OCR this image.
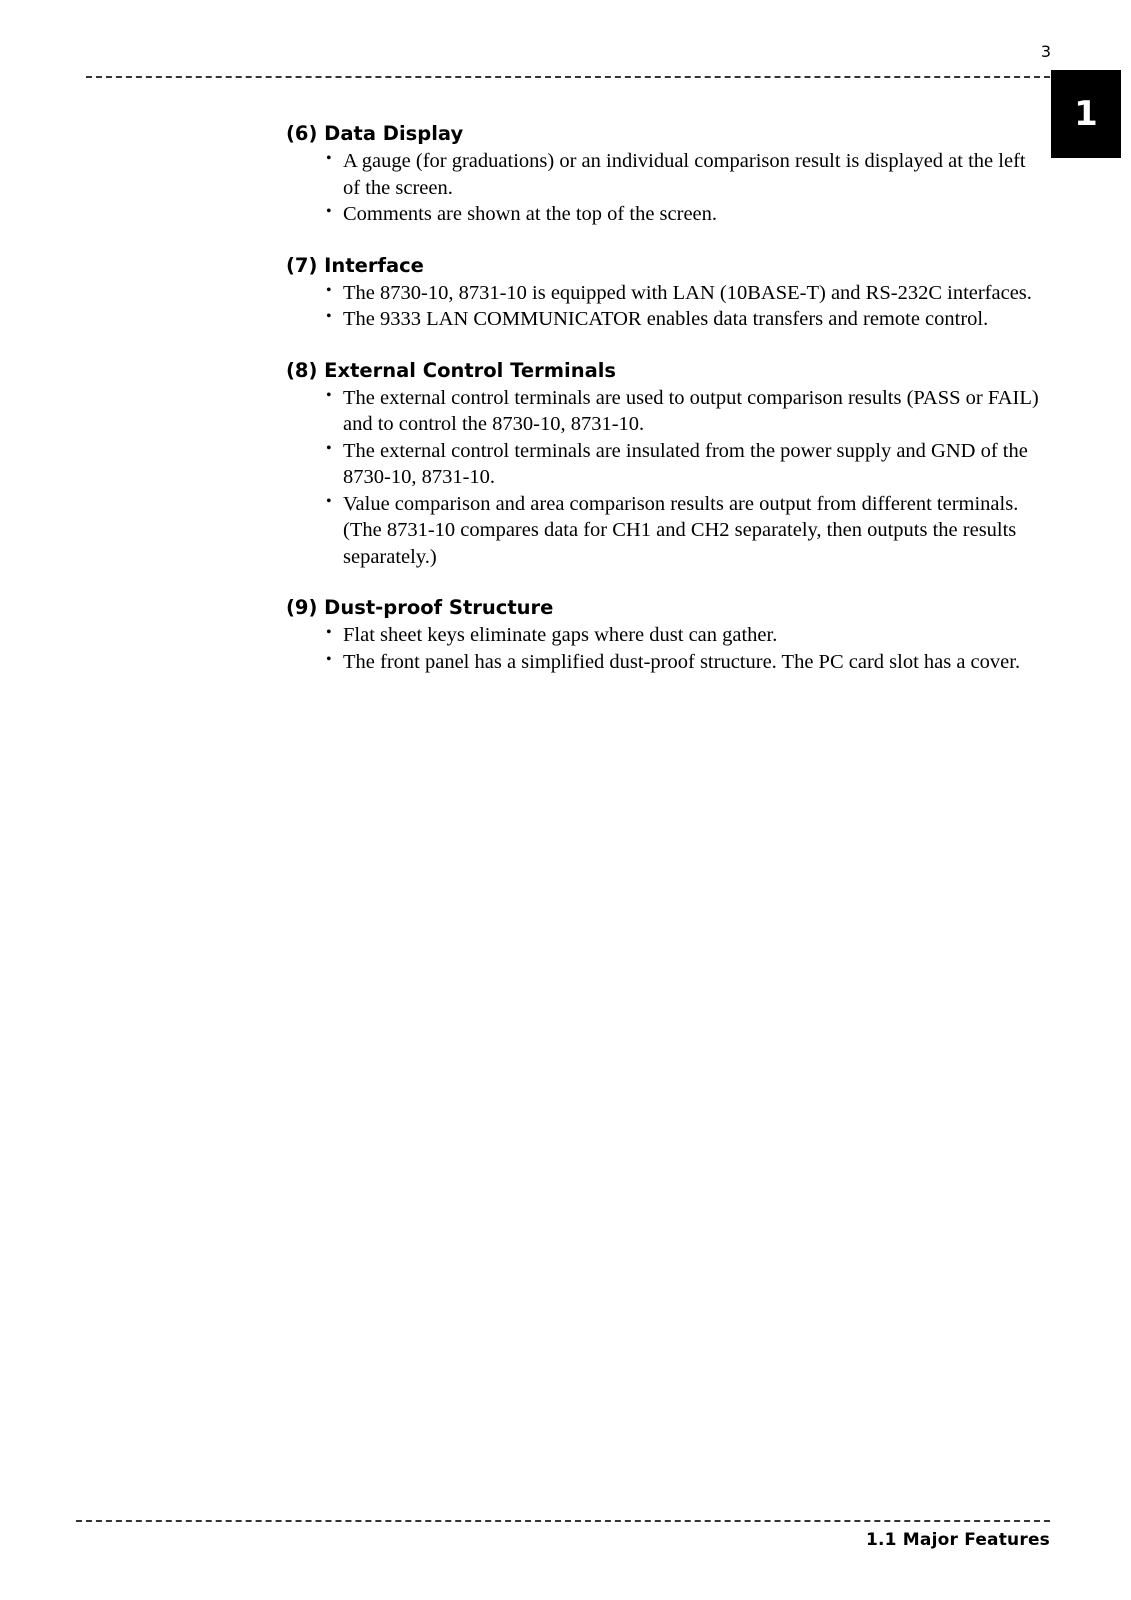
3
1
(6) Data Display
• A gauge (for graduations) or an individual comparison result is displayed at the left of the screen.
• Comments are shown at the top of the screen.
(7) Interface
• The 8730-10, 8731-10 is equipped with LAN (10BASE-T) and RS-232C interfaces.
• The 9333 LAN COMMUNICATOR enables data transfers and remote control.
(8) External Control Terminals
• The external control terminals are used to output comparison results (PASS or FAIL) and to control the 8730-10, 8731-10.
• The external control terminals are insulated from the power supply and GND of the 8730-10, 8731-10.
• Value comparison and area comparison results are output from different terminals. (The 8731-10 compares data for CH1 and CH2 separately, then outputs the results separately.)
(9) Dust-proof Structure
• Flat sheet keys eliminate gaps where dust can gather.
• The front panel has a simplified dust-proof structure. The PC card slot has a cover.
1.1 Major Features
